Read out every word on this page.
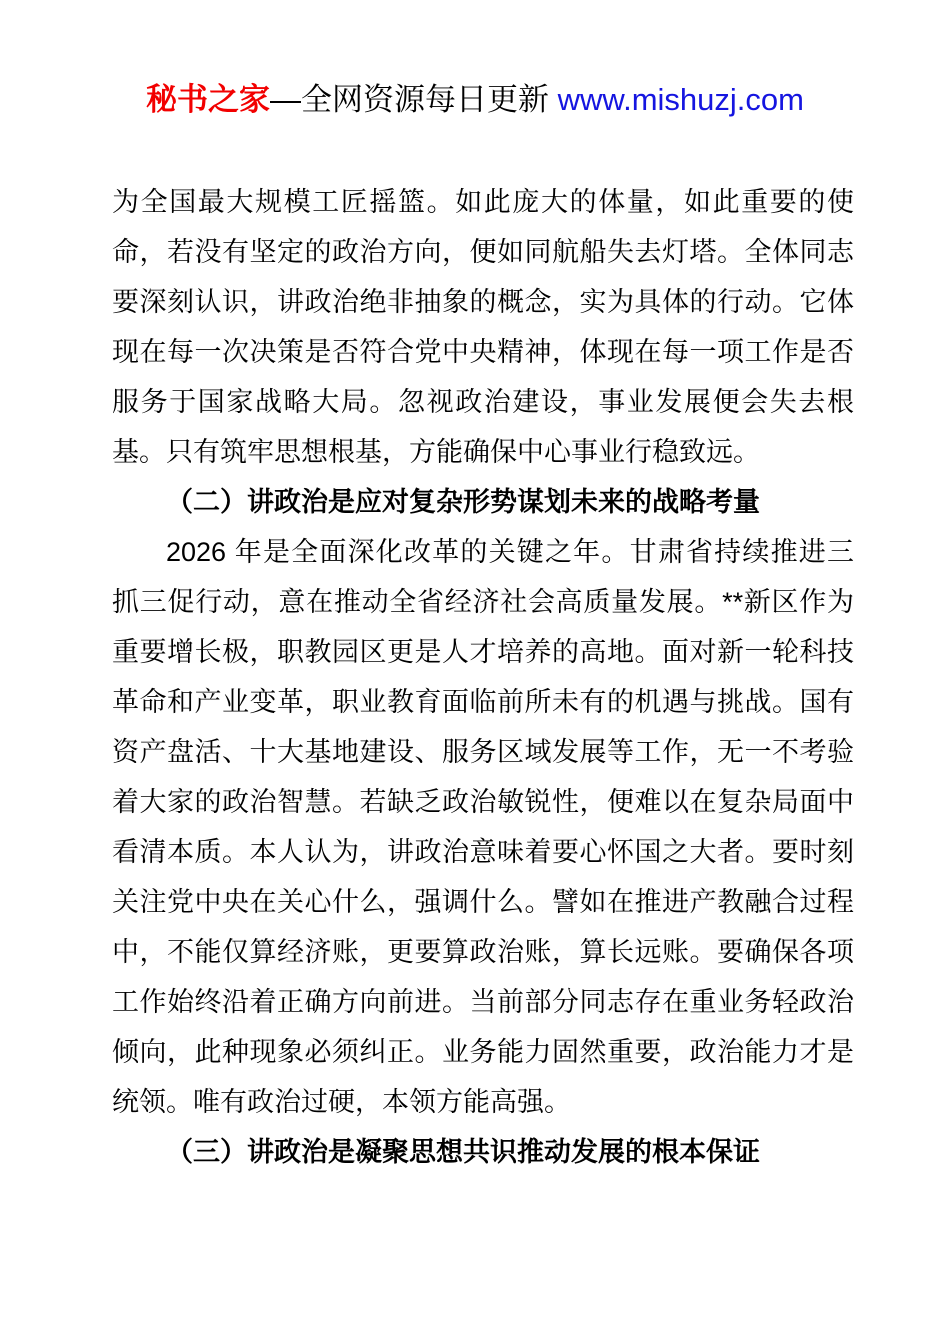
秘书之家—全网资源每日更新 www.mishuzj.com

为全国最大规模工匠摇篮。如此庞大的体量，如此重要的使命，若没有坚定的政治方向，便如同航船失去灯塔。全体同志要深刻认识，讲政治绝非抽象的概念，实为具体的行动。它体现在每一次决策是否符合党中央精神，体现在每一项工作是否服务于国家战略大局。忽视政治建设，事业发展便会失去根基。只有筑牢思想根基，方能确保中心事业行稳致远。

（二）讲政治是应对复杂形势谋划未来的战略考量

2026 年是全面深化改革的关键之年。甘肃省持续推进三抓三促行动，意在推动全省经济社会高质量发展。**新区作为重要增长极，职教园区更是人才培养的高地。面对新一轮科技革命和产业变革，职业教育面临前所未有的机遇与挑战。国有资产盘活、十大基地建设、服务区域发展等工作，无一不考验着大家的政治智慧。若缺乏政治敏锐性，便难以在复杂局面中看清本质。本人认为，讲政治意味着要心怀国之大者。要时刻关注党中央在关心什么，强调什么。譬如在推进产教融合过程中，不能仅算经济账，更要算政治账，算长远账。要确保各项工作始终沿着正确方向前进。当前部分同志存在重业务轻政治倾向，此种现象必须纠正。业务能力固然重要，政治能力才是统领。唯有政治过硬，本领方能高强。

（三）讲政治是凝聚思想共识推动发展的根本保证
